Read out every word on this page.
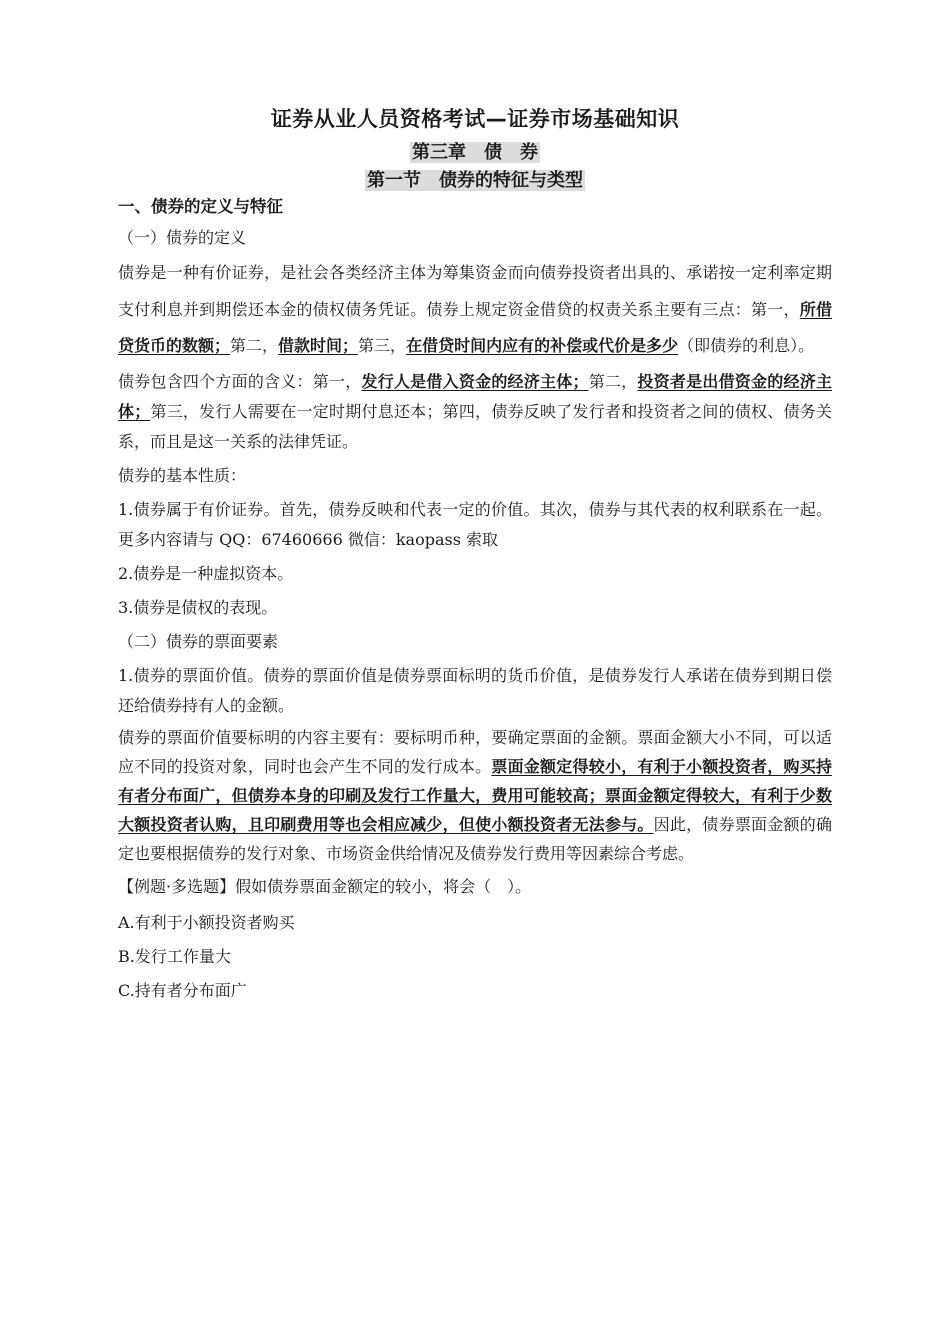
证券从业人员资格考试—证券市场基础知识
第三章　债　券
第一节　债券的特征与类型
一、债券的定义与特征
（一）债券的定义

债券是一种有价证券，是社会各类经济主体为筹集资金而向债券投资者出具的、承诺按一定利率定期支付利息并到期偿还本金的债权债务凭证。债券上规定资金借贷的权责关系主要有三点：第一，所借贷货币的数额；第二，借款时间；第三，在借贷时间内应有的补偿或代价是多少（即债券的利息）。

债券包含四个方面的含义：第一，发行人是借入资金的经济主体；第二，投资者是出借资金的经济主体；第三，发行人需要在一定时期付息还本；第四，债券反映了发行者和投资者之间的债权、债务关系，而且是这一关系的法律凭证。

债券的基本性质：

1.债券属于有价证券。首先，债券反映和代表一定的价值。其次，债券与其代表的权利联系在一起。更多内容请与 QQ：67460666 微信：kaopass 索取

2.债券是一种虚拟资本。

3.债券是债权的表现。

（二）债券的票面要素

1.债券的票面价值。债券的票面价值是债券票面标明的货币价值，是债券发行人承诺在债券到期日偿还给债券持有人的金额。

债券的票面价值要标明的内容主要有：要标明币种，要确定票面的金额。票面金额大小不同，可以适应不同的投资对象，同时也会产生不同的发行成本。票面金额定得较小，有利于小额投资者，购买持有者分布面广，但债券本身的印刷及发行工作量大，费用可能较高；票面金额定得较大，有利于少数大额投资者认购，且印刷费用等也会相应减少，但使小额投资者无法参与。因此，债券票面金额的确定也要根据债券的发行对象、市场资金供给情况及债券发行费用等因素综合考虑。

【例题·多选题】假如债券票面金额定的较小，将会（　）。

A.有利于小额投资者购买

B.发行工作量大

C.持有者分布面广
